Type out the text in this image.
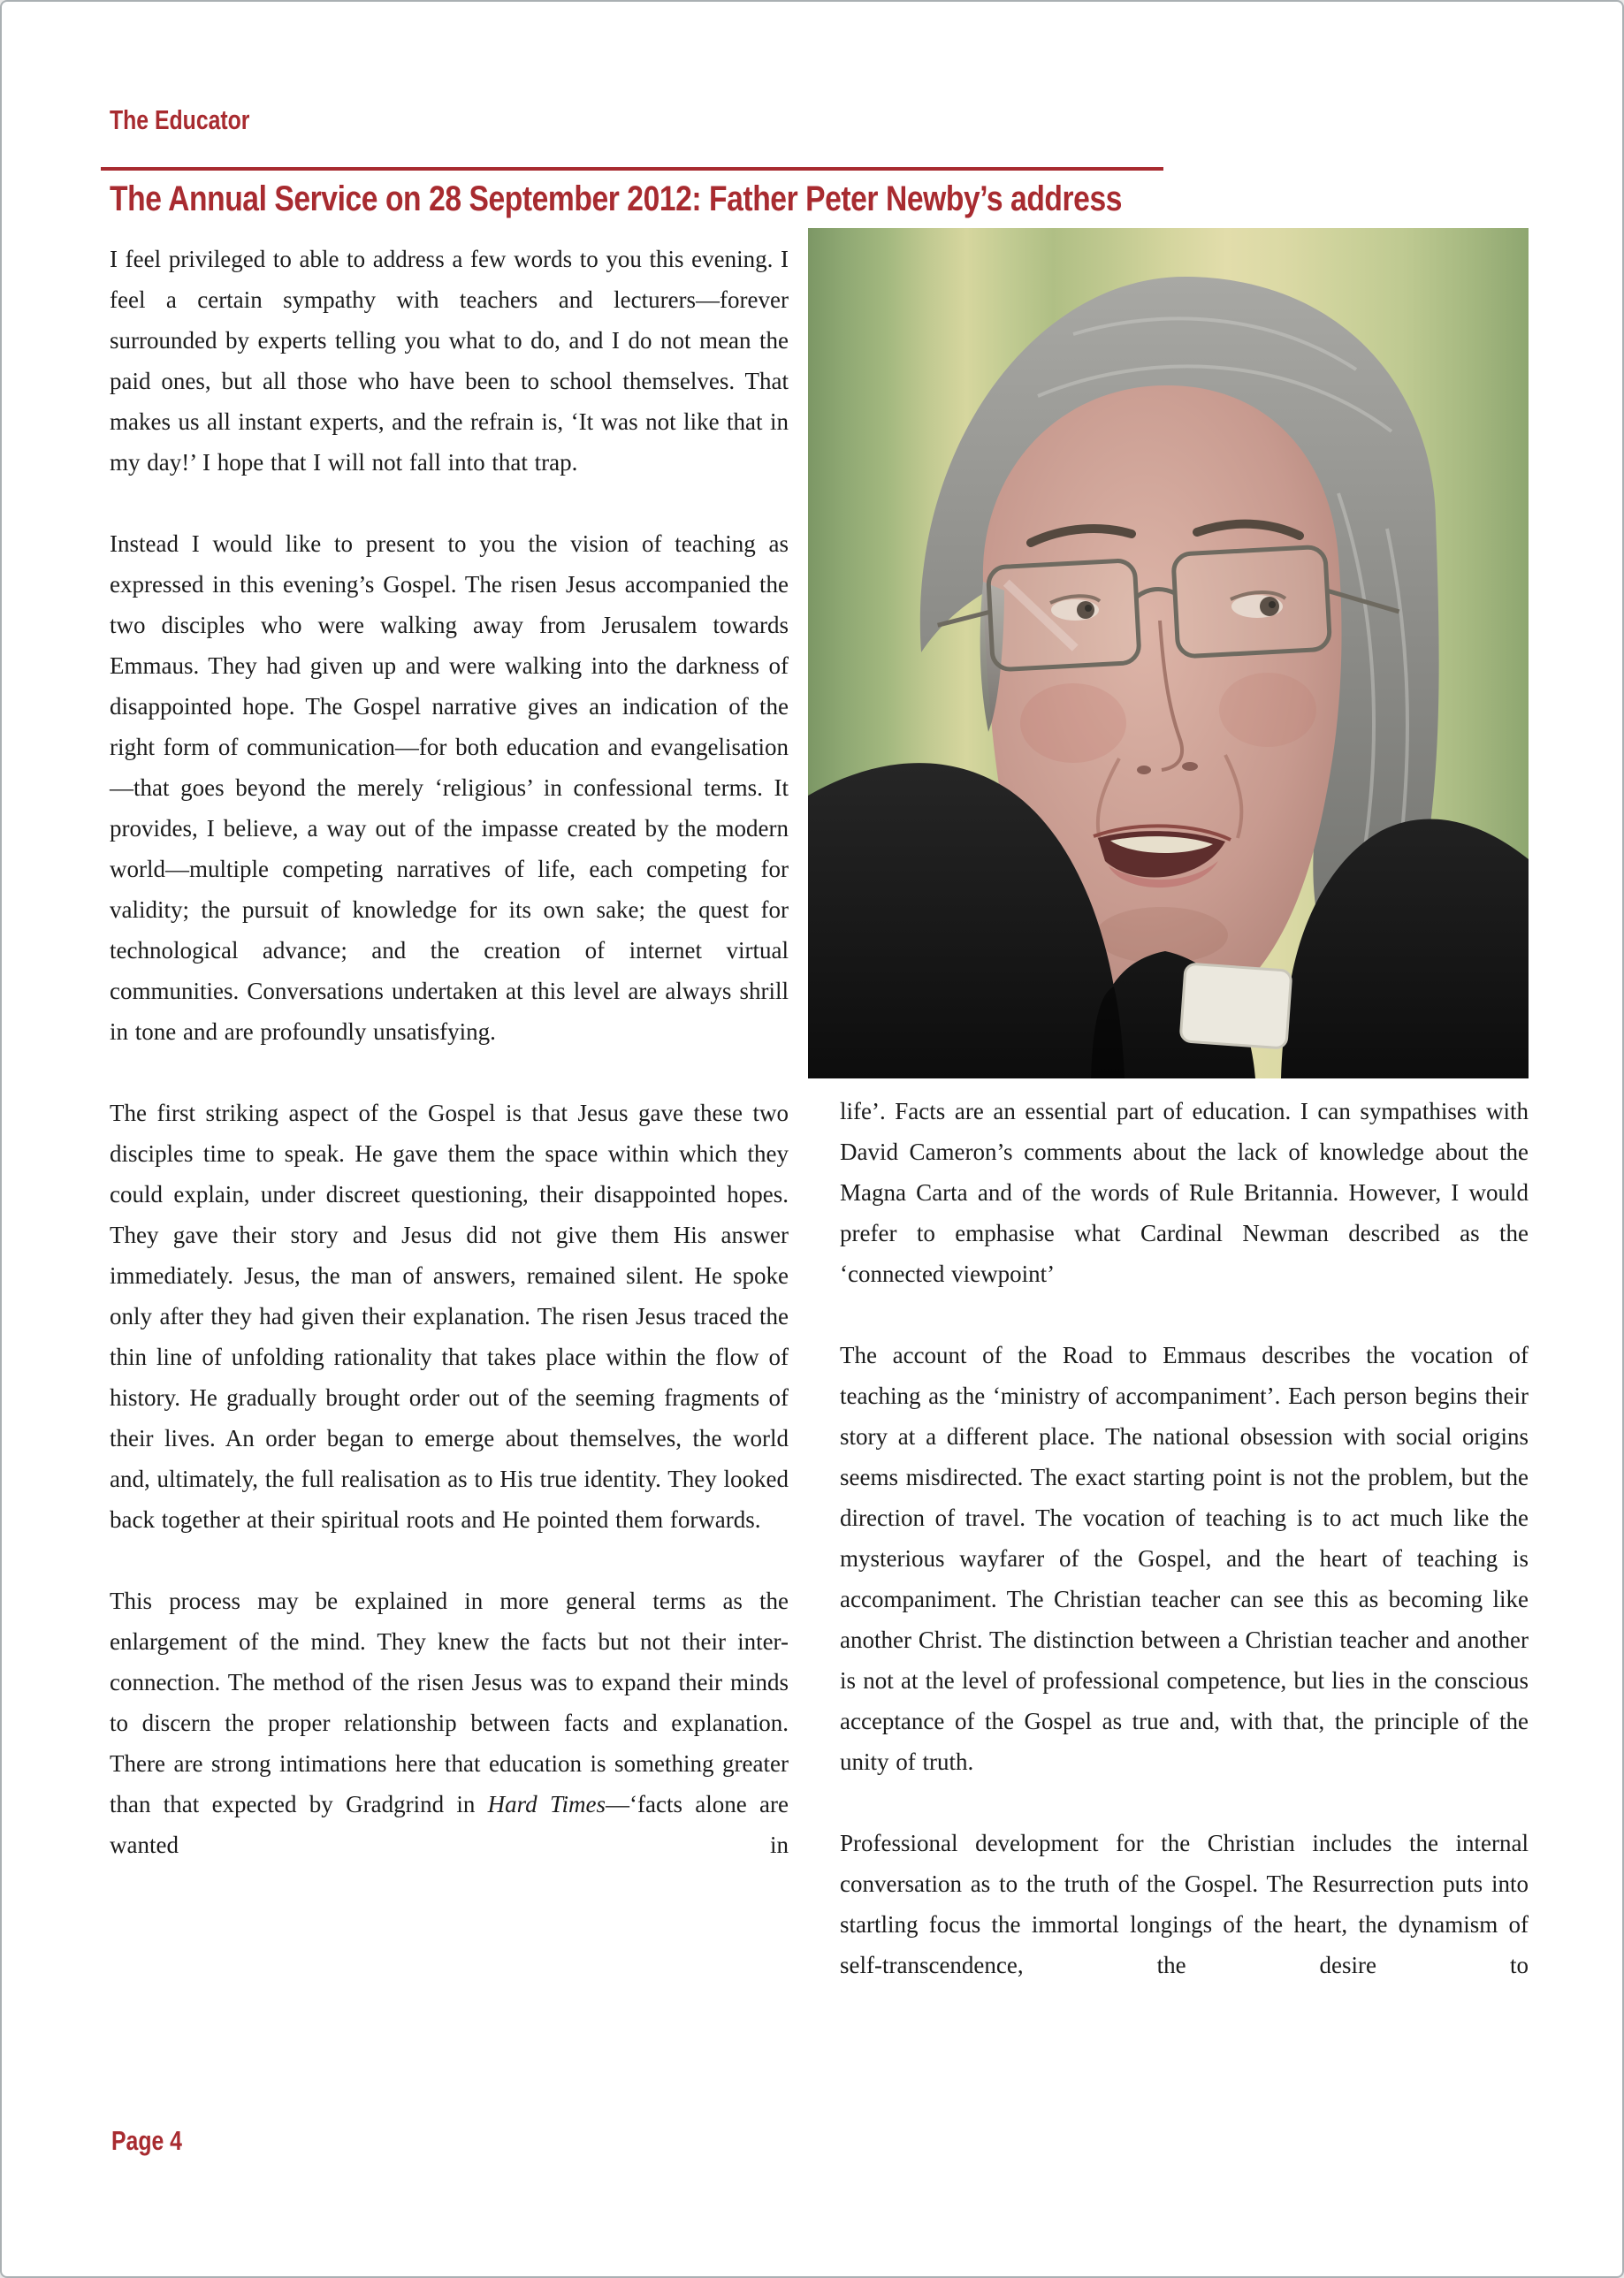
The Educator
The Annual Service on 28 September 2012: Father Peter Newby’s address

I feel privileged to able to address a few words to you this evening. I feel a certain sympathy with teachers and lecturers—forever surrounded by experts telling you what to do, and I do not mean the paid ones, but all those who have been to school themselves. That makes us all instant experts, and the refrain is, ‘It was not like that in my day!’ I hope that I will not fall into that trap.

Instead I would like to present to you the vision of teaching as expressed in this evening’s Gospel. The risen Jesus accompanied the two disciples who were walking away from Jerusalem towards Emmaus. They had given up and were walking into the darkness of disappointed hope. The Gospel narrative gives an indication of the right form of communication—for both education and evangelisation—that goes beyond the merely ‘religious’ in confessional terms. It provides, I believe, a way out of the impasse created by the modern world—multiple competing narratives of life, each competing for validity; the pursuit of knowledge for its own sake; the quest for technological advance; and the creation of internet virtual communities. Conversations undertaken at this level are always shrill in tone and are profoundly unsatisfying.

The first striking aspect of the Gospel is that Jesus gave these two disciples time to speak. He gave them the space within which they could explain, under discreet questioning, their disappointed hopes. They gave their story and Jesus did not give them His answer immediately. Jesus, the man of answers, remained silent. He spoke only after they had given their explanation. The risen Jesus traced the thin line of unfolding rationality that takes place within the flow of history. He gradually brought order out of the seeming fragments of their lives. An order began to emerge about themselves, the world and, ultimately, the full realisation as to His true identity. They looked back together at their spiritual roots and He pointed them forwards.

This process may be explained in more general terms as the enlargement of the mind. They knew the facts but not their inter-connection. The method of the risen Jesus was to expand their minds to discern the proper relationship between facts and explanation. There are strong intimations here that education is something greater than that expected by Gradgrind in Hard Times—‘facts alone are wanted in

life’. Facts are an essential part of education. I can sympathises with David Cameron’s comments about the lack of knowledge about the Magna Carta and of the words of Rule Britannia. However, I would prefer to emphasise what Cardinal Newman described as the ‘connected viewpoint’

The account of the Road to Emmaus describes the vocation of teaching as the ‘ministry of accompaniment’. Each person begins their story at a different place. The national obsession with social origins seems misdirected. The exact starting point is not the problem, but the direction of travel. The vocation of teaching is to act much like the mysterious wayfarer of the Gospel, and the heart of teaching is accompaniment. The Christian teacher can see this as becoming like another Christ. The distinction between a Christian teacher and another is not at the level of professional competence, but lies in the conscious acceptance of the Gospel as true and, with that, the principle of the unity of truth.

Professional development for the Christian includes the internal conversation as to the truth of the Gospel. The Resurrection puts into startling focus the immortal longings of the heart, the dynamism of self-transcendence, the desire to

Page 4
